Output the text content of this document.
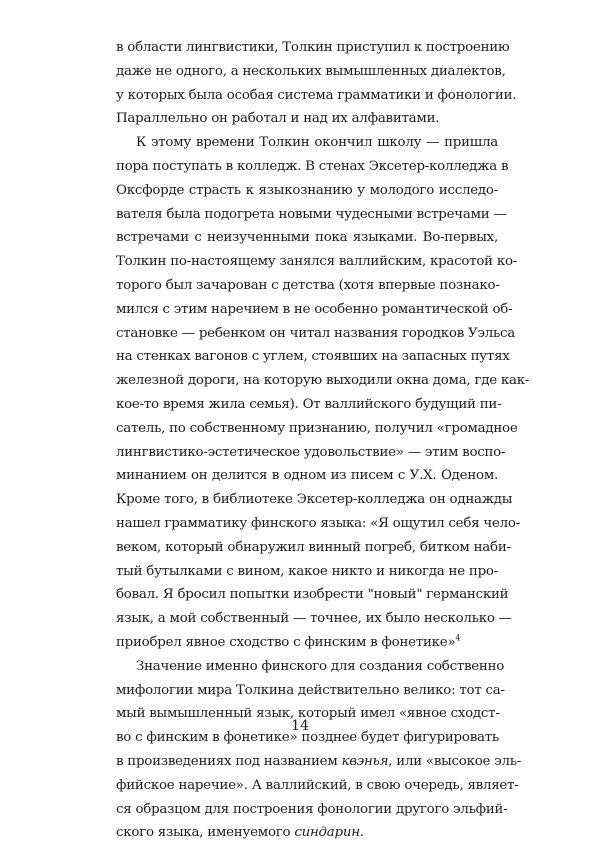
в области лингвистики, Толкин приступил к построению
даже не одного, а нескольких вымышленных диалектов,
у которых была особая система грамматики и фонологии.
Параллельно он работал и над их алфавитами.
К этому времени Толкин окончил школу — пришла
пора поступать в колледж. В стенах Эксетер-колледжа в
Оксфорде страсть к языкознанию у молодого исследо-
вателя была подогрета новыми чудесными встречами —
встречами с неизученными пока языками. Во-первых,
Толкин по-настоящему занялся валлийским, красотой ко-
торого был зачарован с детства (хотя впервые познако-
мился с этим наречием в не особенно романтической об-
становке — ребенком он читал названия городков Уэльса
на стенках вагонов с углем, стоявших на запасных путях
железной дороги, на которую выходили окна дома, где как-
кое-то время жила семья). От валлийского будущий пи-
сатель, по собственному признанию, получил «громадное
лингвистико-эстетическое удовольствие» — этим воспо-
минанием он делится в одном из писем с У.Х. Оденом.
Кроме того, в библиотеке Эксетер-колледжа он однажды
нашел грамматику финского языка: «Я ощутил себя чело-
веком, который обнаружил винный погреб, битком наби-
тый бутылками с вином, какое никто и никогда не про-
бовал. Я бросил попытки изобрести "новый" германский
язык, а мой собственный — точнее, их было несколько —
приобрел явное сходство с финским в фонетике»$^4$
Значение именно финского для создания собственно
мифологии мира Толкина действительно велико: тот са-
мый вымышленный язык, который имел «явное сходст-
во с финским в фонетике» позднее будет фигурировать
в произведениях под названием квэнья, или «высокое эль-
фийское наречие». А валлийский, в свою очередь, являет-
ся образцом для построения фонологии другого эльфий-
ского языка, именуемого синдарин.
14
